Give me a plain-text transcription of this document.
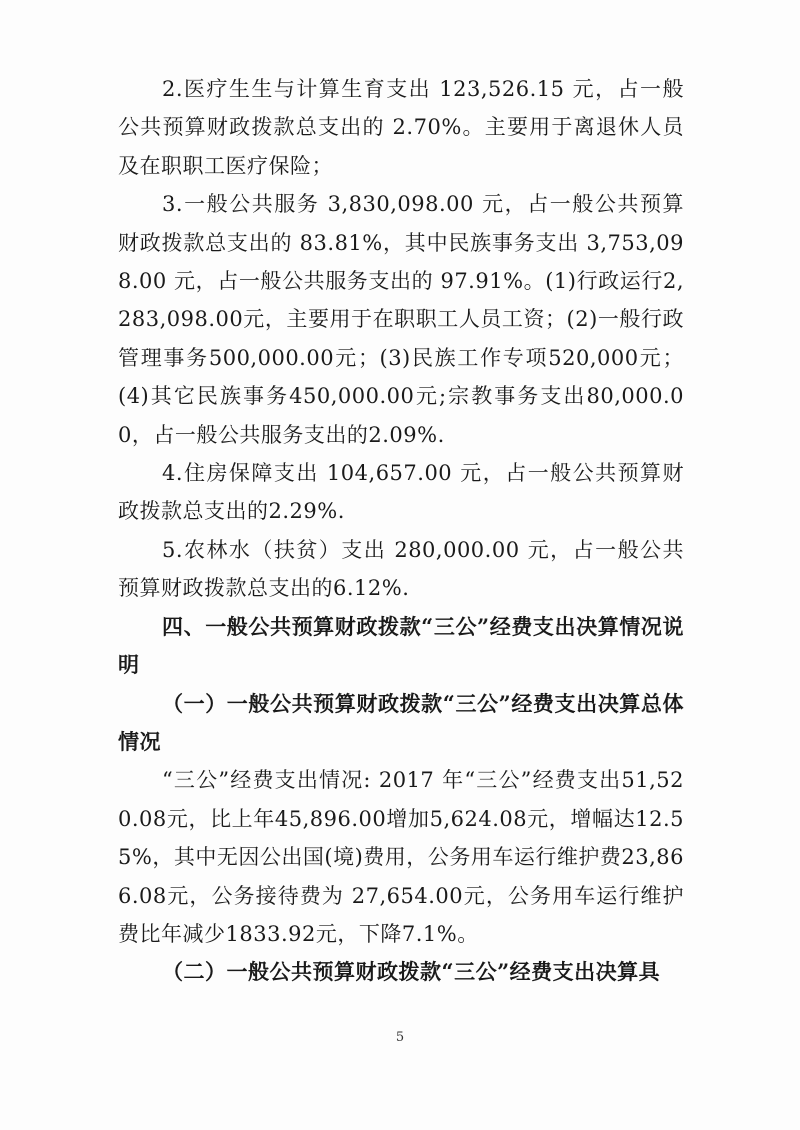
2.医疗生生与计算生育支出 123,526.15 元，占一般公共预算财政拨款总支出的 2.70%。主要用于离退休人员及在职职工医疗保险；

3.一般公共服务 3,830,098.00 元，占一般公共预算财政拨款总支出的 83.81%，其中民族事务支出 3,753,098.00 元，占一般公共服务支出的 97.91%。(1)行政运行2,283,098.00元，主要用于在职职工人员工资；(2)一般行政管理事务500,000.00元；(3)民族工作专项520,000元；(4)其它民族事务450,000.00元;宗教事务支出80,000.00，占一般公共服务支出的2.09%.

4.住房保障支出 104,657.00 元，占一般公共预算财政拨款总支出的2.29%.

5.农林水（扶贫）支出 280,000.00 元，占一般公共预算财政拨款总支出的6.12%.

四、一般公共预算财政拨款“三公”经费支出决算情况说明

（一）一般公共预算财政拨款“三公”经费支出决算总体情况

“三公”经费支出情况: 2017 年“三公”经费支出51,520.08元，比上年45,896.00增加5,624.08元，增幅达12.55%，其中无因公出国(境)费用，公务用车运行维护费23,866.08元，公务接待费为 27,654.00元，公务用车运行维护费比年减少1833.92元，下降7.1%。

（二）一般公共预算财政拨款“三公”经费支出决算具

5
